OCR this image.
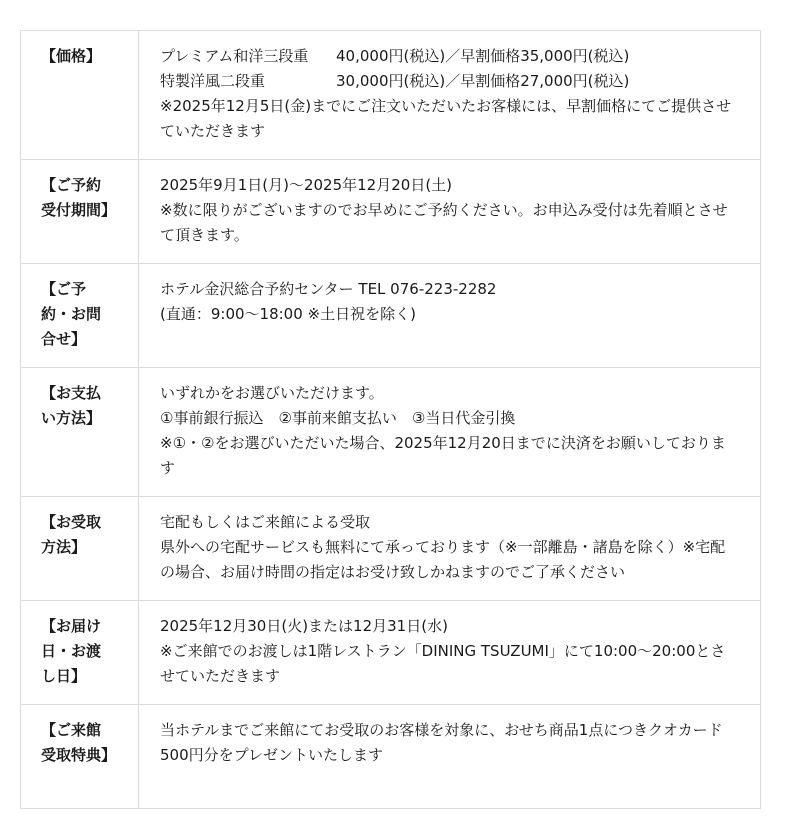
【価格】	プレミアム和洋三段重 40,000円(税込)／早割価格35,000円(税込)
特製洋風二段重 30,000円(税込)／早割価格27,000円(税込)
※2025年12月5日(金)までにご注文いただいたお客様には、早割価格にてご提供させていただきます

【ご予約受付期間】	2025年9月1日(月)〜2025年12月20日(土)
※数に限りがございますのでお早めにご予約ください。お申込み受付は先着順とさせて頂きます。

【ご予約・お問合せ】	ホテル金沢総合予約センター TEL 076-223-2282
(直通：9:00〜18:00 ※土日祝を除く)

【お支払い方法】	いずれかをお選びいただけます。
①事前銀行振込　②事前来館支払い　③当日代金引換
※①・②をお選びいただいた場合、2025年12月20日までに決済をお願いしております

【お受取方法】	宅配もしくはご来館による受取
県外への宅配サービスも無料にて承っております（※一部離島・諸島を除く）※宅配の場合、お届け時間の指定はお受け致しかねますのでご了承ください

【お届け日・お渡し日】	2025年12月30日(火)または12月31日(水)
※ご来館でのお渡しは1階レストラン「DINING TSUZUMI」にて10:00〜20:00とさせていただきます

【ご来館受取特典】	当ホテルまでご来館にてお受取のお客様を対象に、おせち商品1点につきクオカード500円分をプレゼントいたします
